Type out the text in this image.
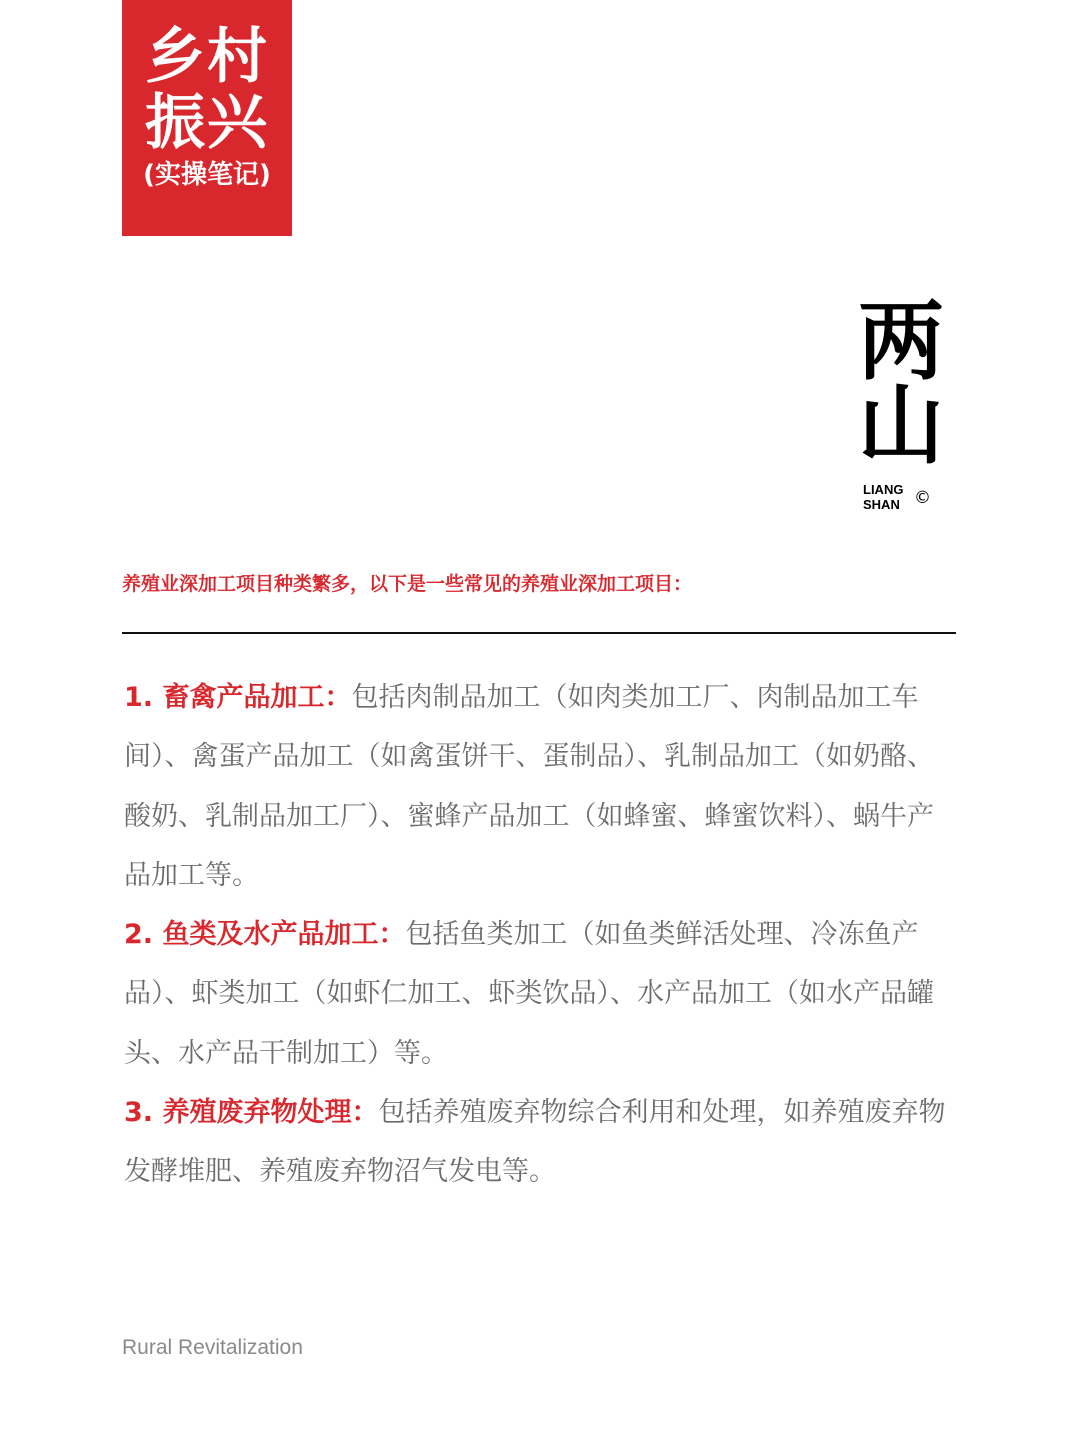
乡村
振兴
(实操笔记)
两
山
LIANG
SHAN ©
养殖业深加工项目种类繁多，以下是一些常见的养殖业深加工项目：

1. 畜禽产品加工：包括肉制品加工（如肉类加工厂、肉制品加工车间）、禽蛋产品加工（如禽蛋饼干、蛋制品）、乳制品加工（如奶酪、酸奶、乳制品加工厂）、蜜蜂产品加工（如蜂蜜、蜂蜜饮料）、蜗牛产品加工等。

2. 鱼类及水产品加工：包括鱼类加工（如鱼类鲜活处理、冷冻鱼产品）、虾类加工（如虾仁加工、虾类饮品）、水产品加工（如水产品罐头、水产品干制加工）等。

3. 养殖废弃物处理：包括养殖废弃物综合利用和处理，如养殖废弃物发酵堆肥、养殖废弃物沼气发电等。

Rural Revitalization
